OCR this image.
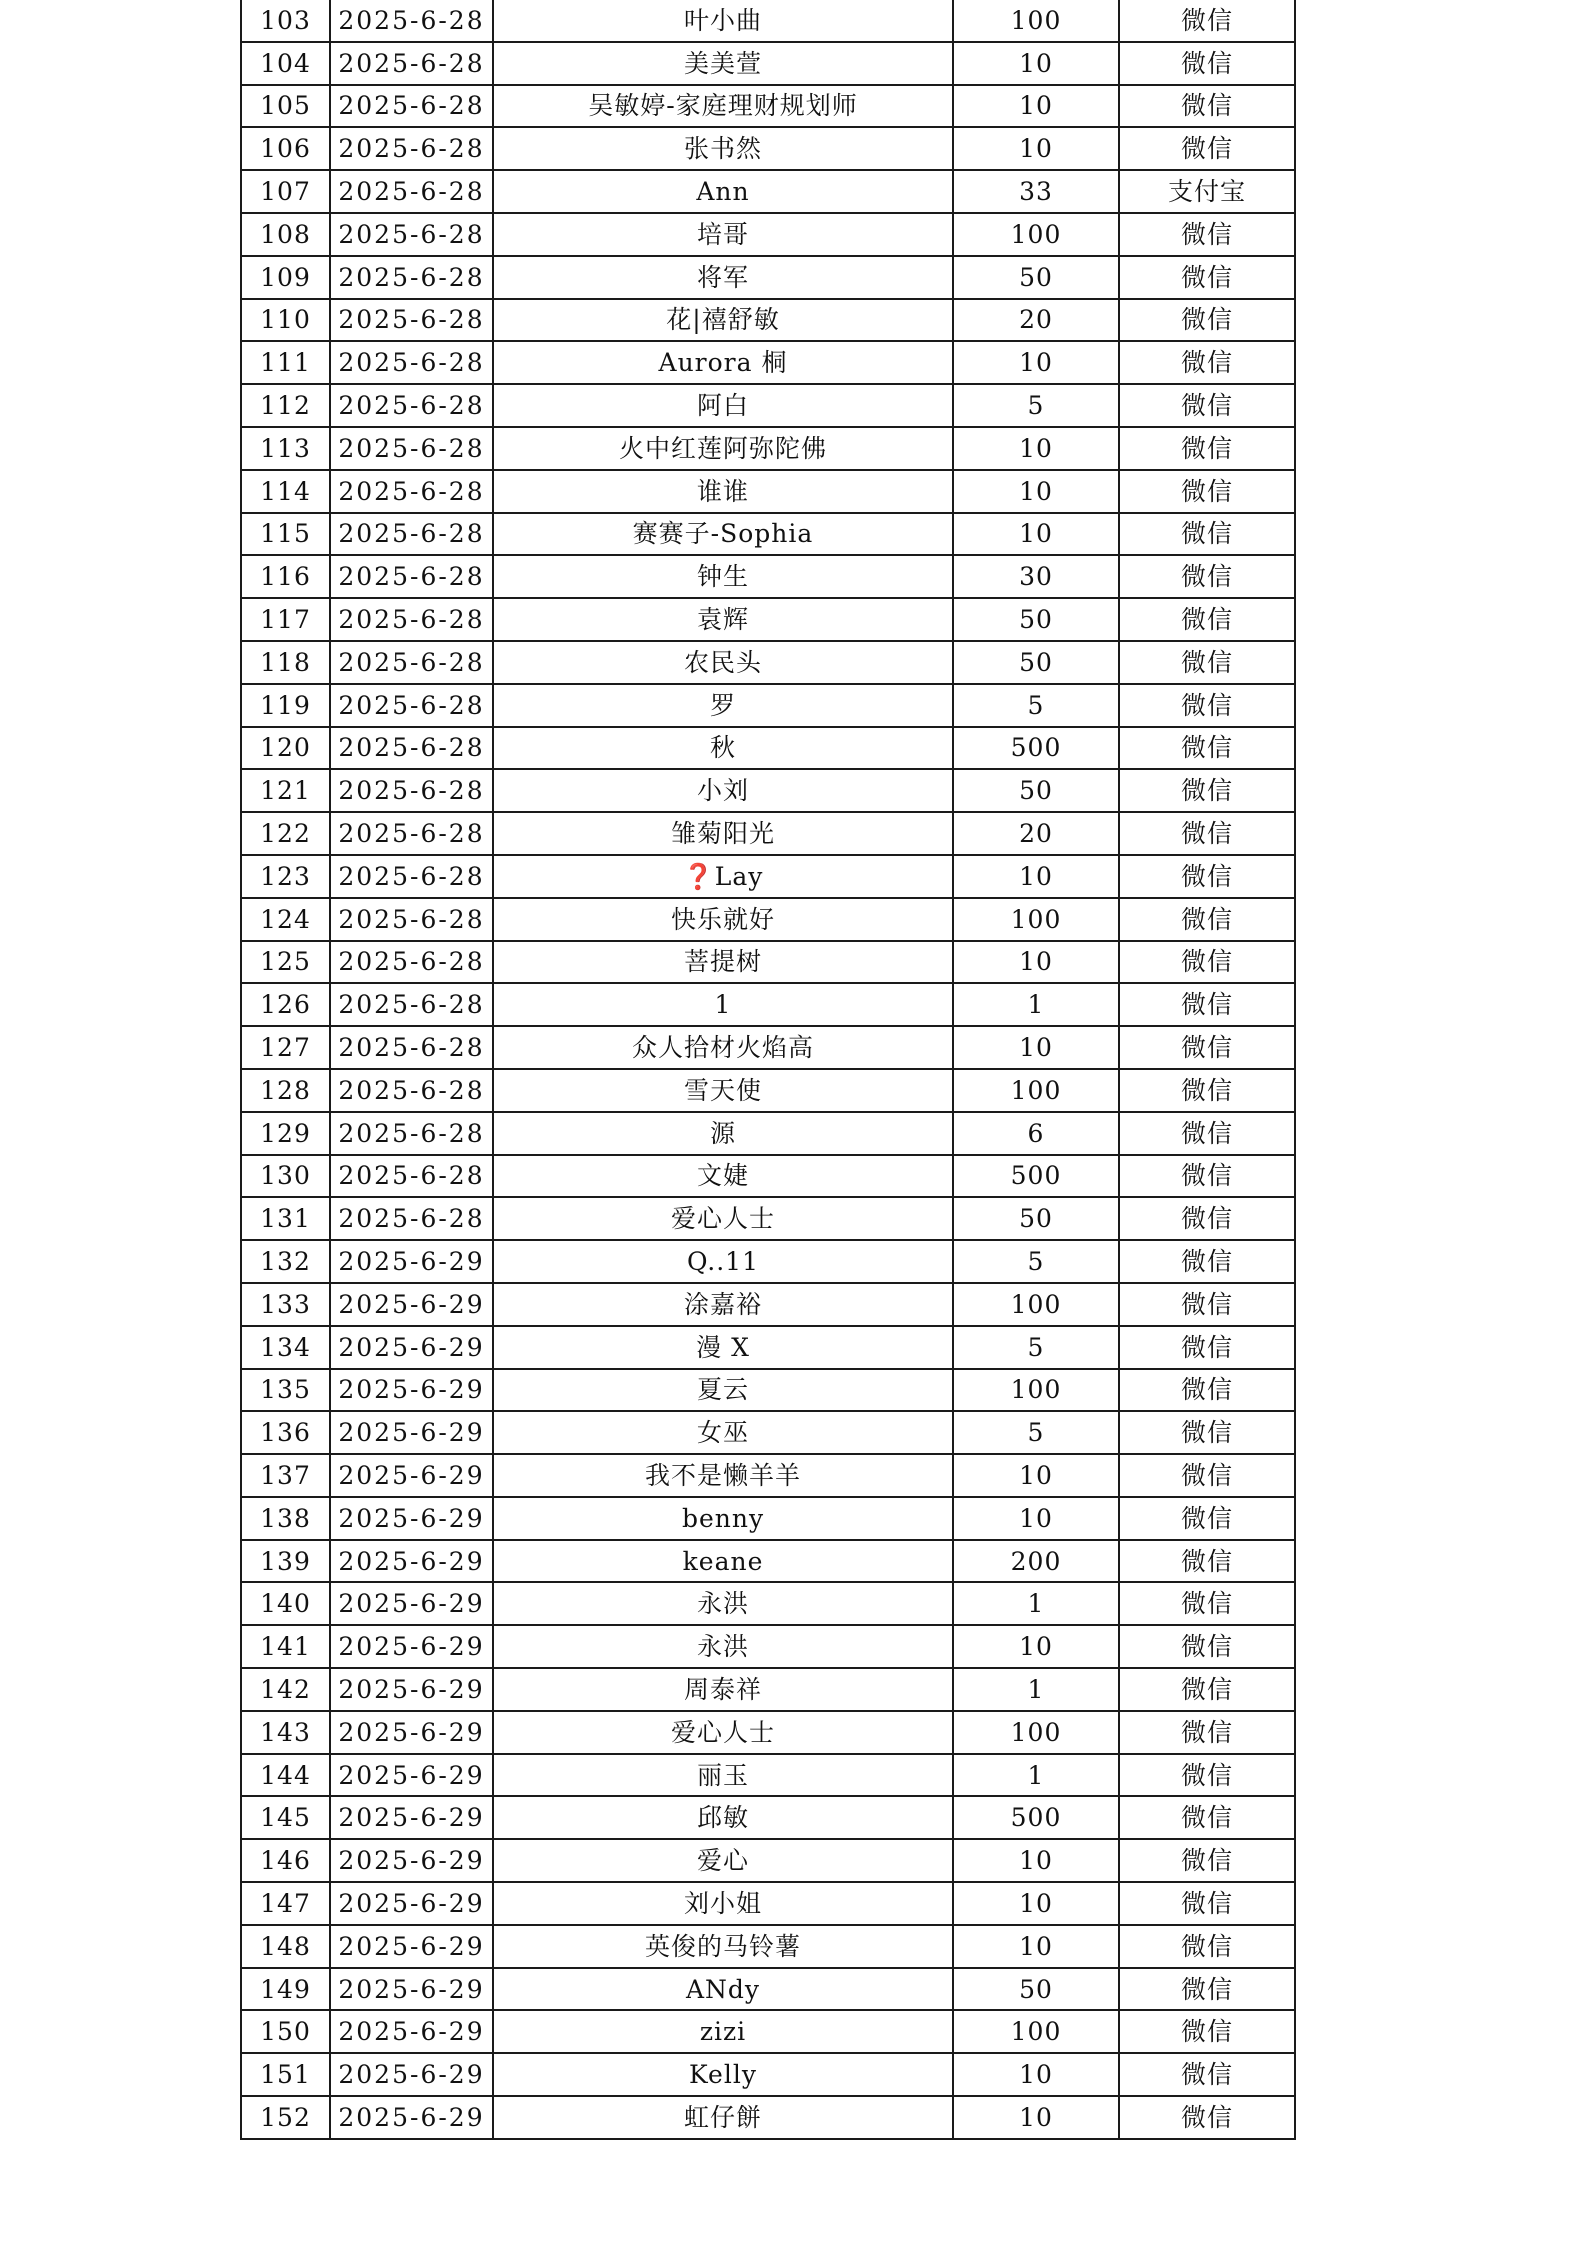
103	2025-6-28	叶小曲	100	微信
104	2025-6-28	美美萱	10	微信
105	2025-6-28	吴敏婷-家庭理财规划师	10	微信
106	2025-6-28	张书然	10	微信
107	2025-6-28	Ann	33	支付宝
108	2025-6-28	培哥	100	微信
109	2025-6-28	将军	50	微信
110	2025-6-28	花|禧舒敏	20	微信
111	2025-6-28	Aurora 桐	10	微信
112	2025-6-28	阿白	5	微信
113	2025-6-28	火中红莲阿弥陀佛	10	微信
114	2025-6-28	谁谁	10	微信
115	2025-6-28	赛赛子-Sophia	10	微信
116	2025-6-28	钟生	30	微信
117	2025-6-28	袁辉	50	微信
118	2025-6-28	农民头	50	微信
119	2025-6-28	罗	5	微信
120	2025-6-28	秋	500	微信
121	2025-6-28	小刘	50	微信
122	2025-6-28	雏菊阳光	20	微信
123	2025-6-28	❓Lay	10	微信
124	2025-6-28	快乐就好	100	微信
125	2025-6-28	菩提树	10	微信
126	2025-6-28	1	1	微信
127	2025-6-28	众人拾材火焰高	10	微信
128	2025-6-28	雪天使	100	微信
129	2025-6-28	源	6	微信
130	2025-6-28	文婕	500	微信
131	2025-6-28	爱心人士	50	微信
132	2025-6-29	Q..11	5	微信
133	2025-6-29	涂嘉裕	100	微信
134	2025-6-29	漫 X	5	微信
135	2025-6-29	夏云	100	微信
136	2025-6-29	女巫	5	微信
137	2025-6-29	我不是懒羊羊	10	微信
138	2025-6-29	benny	10	微信
139	2025-6-29	keane	200	微信
140	2025-6-29	永洪	1	微信
141	2025-6-29	永洪	10	微信
142	2025-6-29	周泰祥	1	微信
143	2025-6-29	爱心人士	100	微信
144	2025-6-29	丽玉	1	微信
145	2025-6-29	邱敏	500	微信
146	2025-6-29	爱心	10	微信
147	2025-6-29	刘小姐	10	微信
148	2025-6-29	英俊的马铃薯	10	微信
149	2025-6-29	ANdy	50	微信
150	2025-6-29	zizi	100	微信
151	2025-6-29	Kelly	10	微信
152	2025-6-29	虹仔餅	10	微信
